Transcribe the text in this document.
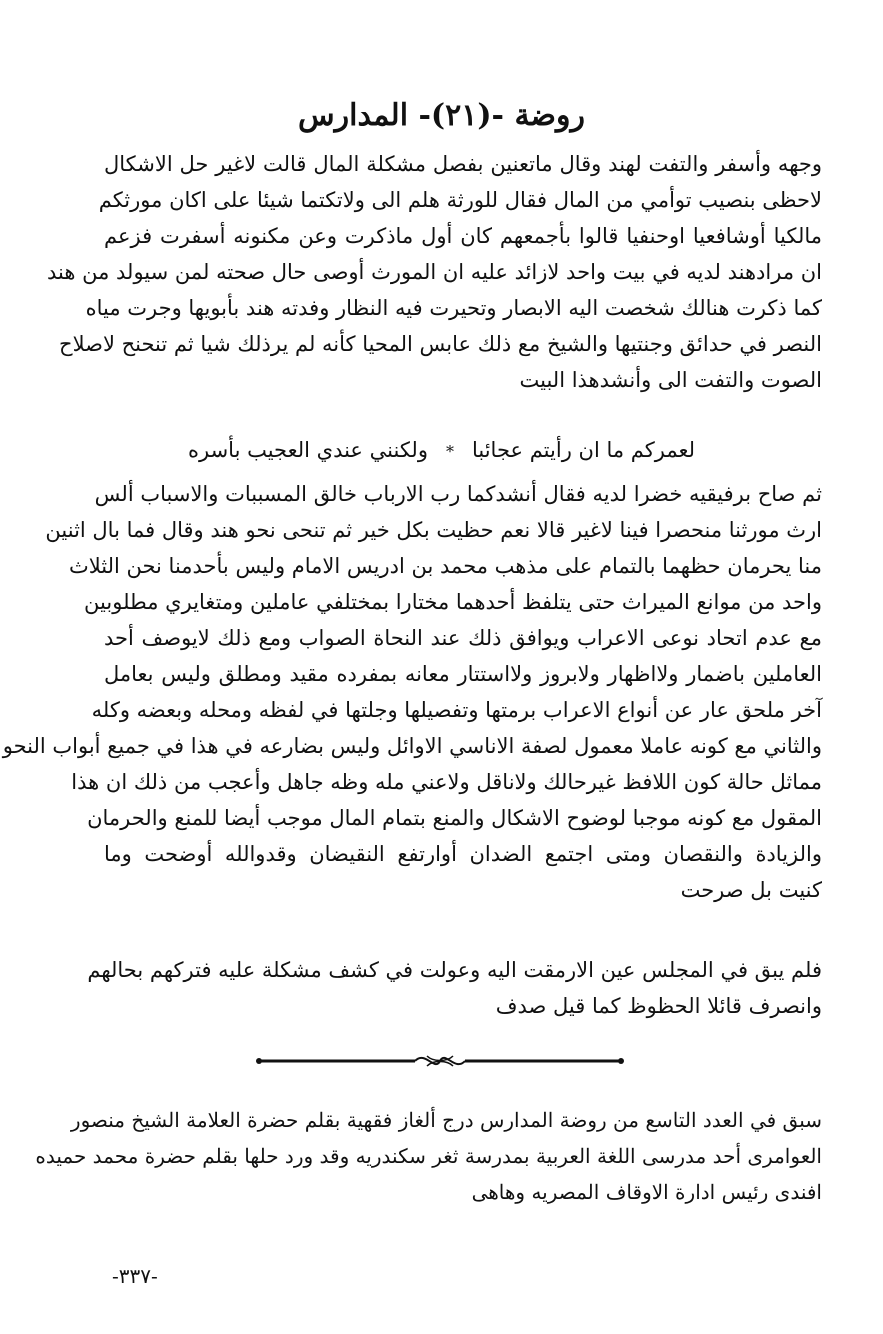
روضة -(٢١)- المدارس
وجهه وأسفر والتفت لهند وقال ماتعنين بفصل مشكلة المال قالت لاغير حل الاشكال
لاحظى بنصيب توأمي من المال فقال للورثة هلم الى ولاتكتما شيئا على اكان مورثكم
مالكيا أوشافعيا اوحنفيا قالوا بأجمعهم كان أول ماذكرت وعن مكنونه أسفرت فزعم
ان مرادهند لديه في بيت واحد لازائد عليه ان المورث أوصى حال صحته لمن سيولد من هند
كما ذكرت هنالك شخصت اليه الابصار وتحيرت فيه النظار وفدته هند بأبويها وجرت مياه
النصر في حدائق وجنتيها والشيخ مع ذلك عابس المحيا كأنه لم يرذلك شيا ثم تنحنح لاصلاح
الصوت والتفت الى وأنشدهذا البيت
لعمركم ما ان رأيتم عجائبا*ولكنني عندي العجيب بأسره
ثم صاح برفيقيه خضرا لديه فقال أنشدكما رب الارباب خالق المسببات والاسباب ألس
ارث مورثنا منحصرا فينا لاغير قالا نعم حظيت بكل خير ثم تنحى نحو هند وقال فما بال اثنين
منا يحرمان حظهما بالتمام على مذهب محمد بن ادريس الامام وليس بأحدمنا نحن الثلاث
واحد من موانع الميراث حتى يتلفظ أحدهما مختارا بمختلفي عاملين ومتغايري مطلوبين
مع عدم اتحاد نوعى الاعراب ويوافق ذلك عند النحاة الصواب ومع ذلك لايوصف أحد
العاملين باضمار ولااظهار ولابروز ولااستتار معانه بمفرده مقيد ومطلق وليس بعامل
آخر ملحق عار عن أنواع الاعراب برمتها وتفصيلها وجلتها في لفظه ومحله وبعضه وكله
والثاني مع كونه عاملا معمول لصفة الاناسي الاوائل وليس بضارعه في هذا في جميع أبواب النحو
مماثل حالة كون اللافظ غيرحالك ولاناقل ولاعني مله وظه جاهل وأعجب من ذلك ان هذا
المقول مع كونه موجبا لوضوح الاشكال والمنع بتمام المال موجب أيضا للمنع والحرمان
والزيادة والنقصان ومتى اجتمع الضدان أوارتفع النقيضان وقدوالله أوضحت وما
كنيت بل صرحت
فلم يبق في المجلس عين الارمقت اليه وعولت في كشف مشكلة عليه فتركهم بحالهم
وانصرف قائلا الحظوظ كما قيل صدف
سبق في العدد التاسع من روضة المدارس درج ألغاز فقهية بقلم حضرة العلامة الشيخ منصور
العوامرى أحد مدرسى اللغة العربية بمدرسة ثغر سكندريه وقد ورد حلها بقلم حضرة محمد حميده
افندى رئيس ادارة الاوقاف المصريه وهاهى
-٣٣٧-
